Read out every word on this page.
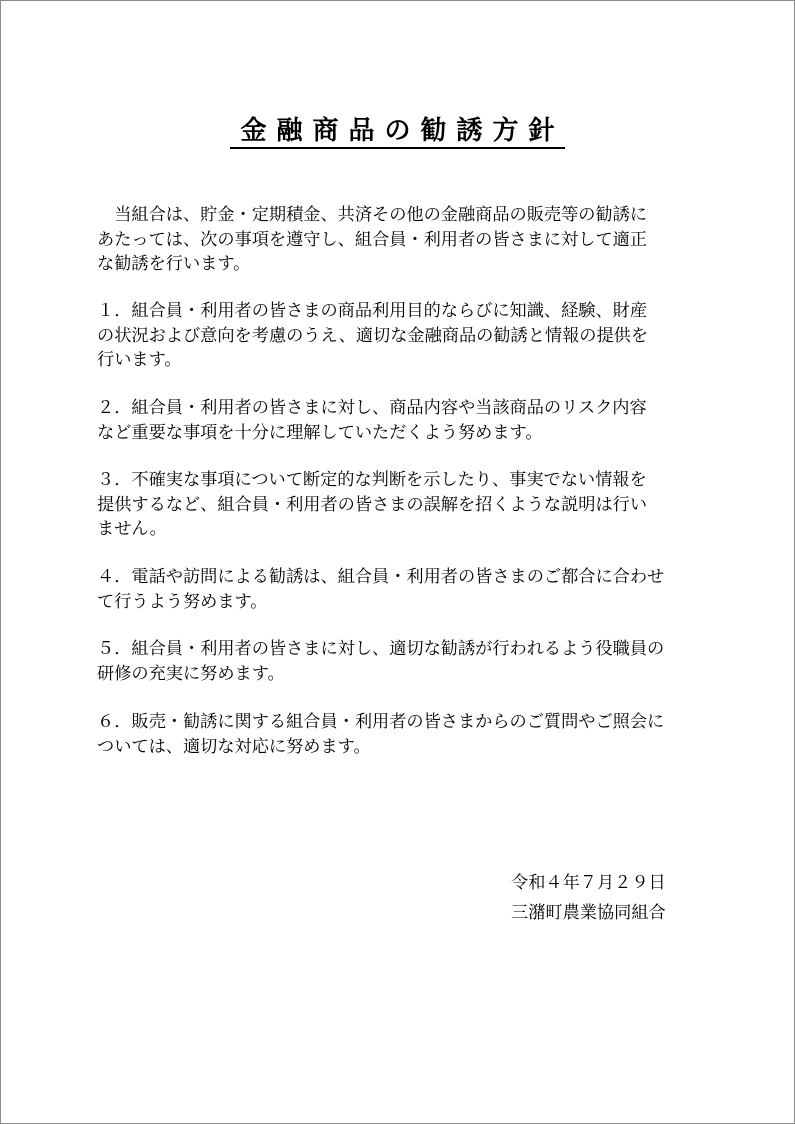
金融商品の勧誘方針

　当組合は、貯金・定期積金、共済その他の金融商品の販売等の勧誘に
あたっては、次の事項を遵守し、組合員・利用者の皆さまに対して適正
な勧誘を行います。

１．組合員・利用者の皆さまの商品利用目的ならびに知識、経験、財産
の状況および意向を考慮のうえ、適切な金融商品の勧誘と情報の提供を
行います。

２．組合員・利用者の皆さまに対し、商品内容や当該商品のリスク内容
など重要な事項を十分に理解していただくよう努めます。

３．不確実な事項について断定的な判断を示したり、事実でない情報を
提供するなど、組合員・利用者の皆さまの誤解を招くような説明は行い
ません。

４．電話や訪問による勧誘は、組合員・利用者の皆さまのご都合に合わせ
て行うよう努めます。

５．組合員・利用者の皆さまに対し、適切な勧誘が行われるよう役職員の
研修の充実に努めます。

６．販売・勧誘に関する組合員・利用者の皆さまからのご質問やご照会に
ついては、適切な対応に努めます。

令和４年７月２９日
三潴町農業協同組合
